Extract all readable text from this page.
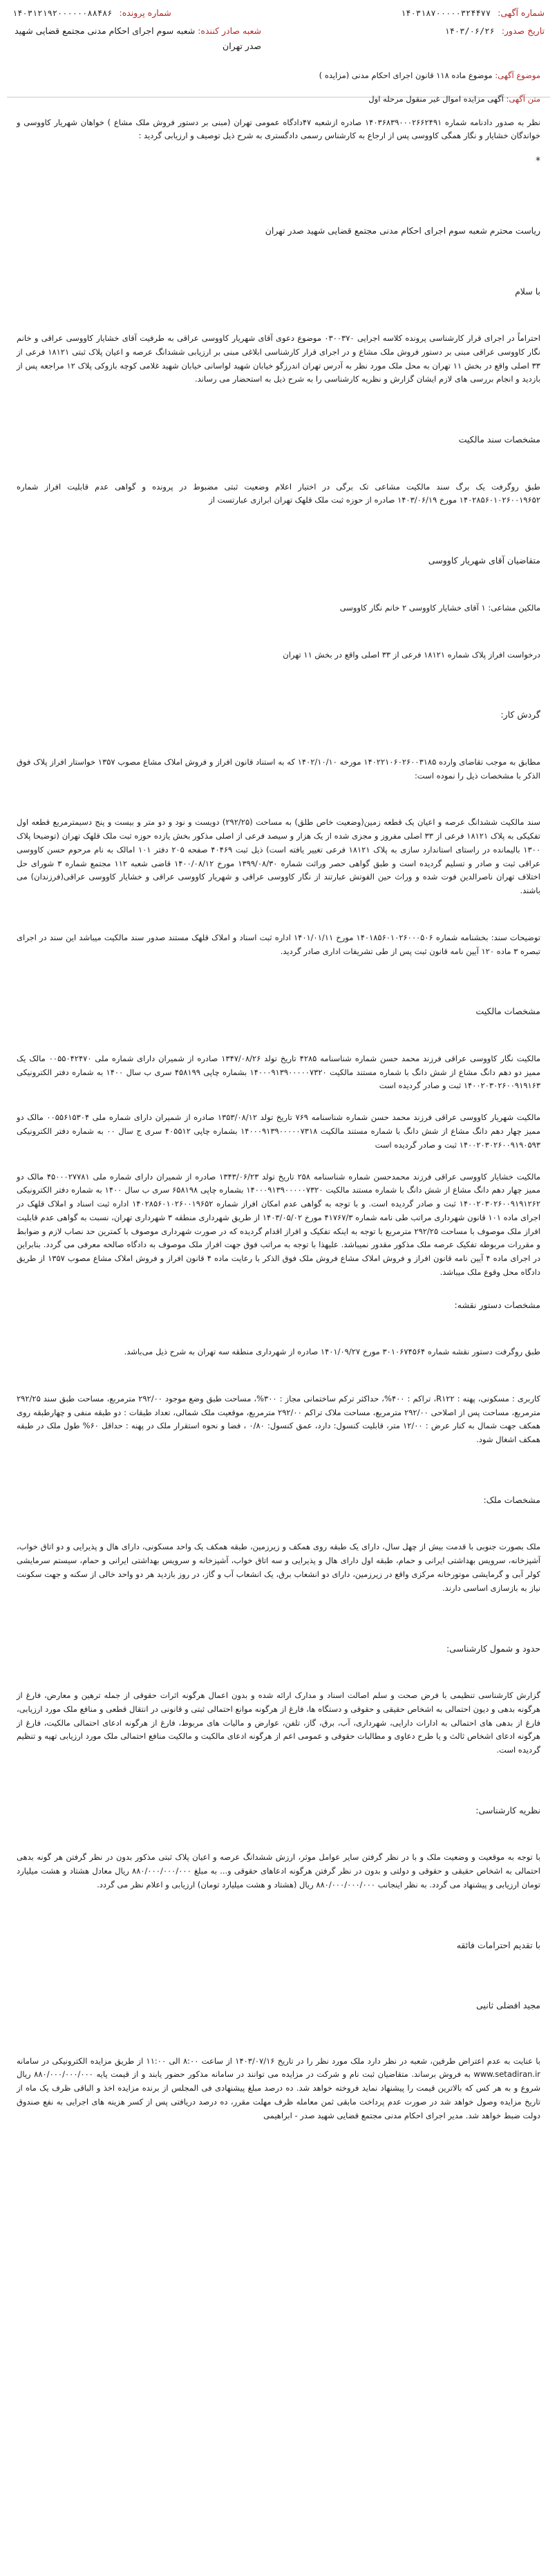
شماره آگهی: ۱۴۰۳۱۸۷۰۰۰۰۰۳۲۴۴۷۷
شماره پرونده: ۱۴۰۳۱۲۱۹۲۰۰۰۰۰۰۸۸۴۸۶
تاریخ صدور: ۱۴۰۳/۰۶/۲۶
شعبه صادر کننده: شعبه سوم اجرای احکام مدنی مجتمع قضایی شهید صدر تهران

موضوع آگهی: موضوع ماده ۱۱۸ قانون اجرای احکام مدنی (مزایده )

متن آگهی: آگهی مزایده اموال غیر منقول مرحله اول

نظر به صدور دادنامه شماره ۱۴۰۳۶۸۳۹۰۰۰۲۶۶۲۴۹۱ صادره ازشعبه ۴۷دادگاه عمومی تهران (مبنی بر دستور فروش ملک مشاع ) خواهان شهریار کاووسی و خواندگان خشایار و نگار همگی کاووسی پس از ارجاع به کارشناس رسمی دادگستری به شرح ذیل توصیف و ارزیابی گردید :

*

ریاست محترم شعبه سوم اجرای احکام مدنی مجتمع قضایی شهید صدر تهران

با سلام

احتراماً در اجرای قرار کارشناسی پرونده کلاسه اجرایی ۰۳۰۰۳۷۰ موضوع دعوی آقای شهریار کاووسی عراقی به طرفیت آقای خشایار کاووسی عراقی و خانم نگار کاووسی عراقی مبنی بر دستور فروش ملک مشاع و در اجرای قرار کارشناسی ابلاغی مبنی بر ارزیابی ششدانگ عرصه و اعیان پلاک ثبتی ۱۸۱۲۱ فرعی از ۳۳ اصلی واقع در بخش ۱۱ تهران به محل ملک مورد نظر به آدرس تهران اندرزگو خیابان شهید لواسانی خیابان شهید غلامی کوچه بازوکی پلاک ۱۲ مراجعه پس از بازدید و انجام بررسی های لازم ایشان گزارش و نظریه کارشناسی را به شرح ذیل به استحضار می رساند.

مشخصات سند مالکیت

طبق روگرفت یک برگ سند مالکیت مشاعی تک برگی در اختیار اعلام وضعیت ثبتی مضبوط در پرونده و گواهی عدم قابلیت افراز شماره ۱۴۰۲۸۵۶۰۱۰۲۶۰۰۱۹۶۵۲ مورخ ۱۴۰۳/۰۶/۱۹ صادره از حوزه ثبت ملک قلهک تهران ابرازی عبارتست از

متقاضیان آقای شهریار کاووسی

مالکین مشاعی: ۱ آقای خشایار کاووسی ۲ خانم نگار کاووسی

درخواست افراز پلاک شماره ۱۸۱۲۱ فرعی از ۳۳ اصلی واقع در بخش ۱۱ تهران

گردش کار:

مطابق به موجب تقاضای وارده ۱۴۰۲۲۱۰۶۰۲۶۰۰۳۱۸۵ مورخه ۱۴۰۲/۱۰/۱۰ که به استناد قانون افراز و فروش املاک مشاع مصوب ۱۳۵۷ خواستار افراز پلاک فوق الذکر با مشخصات ذیل را نموده است:

سند مالکیت ششدانگ عرصه و اعیان یک قطعه زمین(وضعیت خاص طلق) به مساحت (۲۹۲/۲۵) دویست و نود و دو متر و بیست و پنج دسیمترمربع قطعه اول تفکیکی به پلاک ۱۸۱۲۱ فرعی از ۳۳ اصلی مفروز و مجزی شده از یک هزار و سیصد فرعی از اصلی مذکور بخش یازده حوزه ثبت ملک قلهک تهران (توضیحا پلاک ۱۳۰۰ بالیمانده در راستای استاندارد سازی به پلاک ۱۸۱۲۱ فرعی تغییر یافته است) ذیل ثبت ۴۰۴۶۹ صفحه ۲۰۵ دفتر ۱۰۱ امالک به نام مرحوم حسن کاووسی عراقی ثبت و صادر و تسلیم گردیده است و طبق گواهی حصر وراثت شماره ۱۳۹۹/۰۸/۳۰ مورخ ۱۴۰۰/۰۸/۱۲ قاضی شعبه ۱۱۲ مجتمع شماره ۳ شورای حل اختلاف تهران ناصرالدین فوت شده و وراث حین الفوتش عبارتند از نگار کاووسی عراقی و شهریار کاووسی عراقی و خشایار کاووسی عراقی(فرزندان) می باشند.

توضیحات سند: بخشنامه شماره ۱۴۰۱۸۵۶۰۱۰۲۶۰۰۰۵۰۶ مورخ ۱۴۰۱/۰۱/۱۱ اداره ثبت اسناد و املاک قلهک مستند صدور سند مالکیت میباشد این سند در اجرای تبصره ۳ ماده ۱۲۰ آیین نامه قانون ثبت پس از طی تشریفات اداری صادر گردید.

مشخصات مالکیت

مالکیت نگار کاووسی عراقی فرزند محمد حسن شماره شناسنامه ۴۲۸۵ تاریخ تولد ۱۳۴۷/۰۸/۲۶ صادره از شمیران دارای شماره ملی ۰۰۵۵۰۴۲۴۷۰ مالک یک ممیز دو دهم دانگ مشاع از شش دانگ با شماره مستند مالکیت ۱۴۰۰۰۹۱۳۹۰۰۰۰۰۷۳۲۰ بشماره چاپی ۴۵۸۱۹۹ سری ب سال ۱۴۰۰ به شماره دفتر الکترونیکی ۱۴۰۰۲۰۳۰۲۶۰۰۹۱۹۱۶۳ ثبت و صادر گردیده است

مالکیت شهریار کاووسی عراقی فرزند محمد حسن شماره شناسنامه ۷۶۹ تاریخ تولد ۱۳۵۳/۰۸/۱۲ صادره از شمیران دارای شماره ملی ۰۰۵۵۶۱۵۳۰۴ مالک دو ممیز چهار دهم دانگ مشاع از شش دانگ با شماره مستند مالکیت ۱۴۰۰۰۹۱۳۹۰۰۰۰۰۷۳۱۸ بشماره چاپی ۴۰۵۵۱۲ سری ج سال ۰۰ به شماره دفتر الکترونیکی ۱۴۰۰۲۰۳۰۲۶۰۰۹۱۹۰۵۹۳ ثبت و صادر گردیده است

مالکیت خشایار کاووسی عراقی فرزند محمدحسن شماره شناسنامه ۲۵۸ تاریخ تولد ۱۳۴۳/۰۶/۲۳ صادره از شمیران دارای شماره ملی ۴۵۰۰۰۲۷۷۸۱ مالک دو ممیز چهار دهم دانگ مشاع از شش دانگ با شماره مستند مالکیت ۱۴۰۰۰۹۱۳۹۰۰۰۰۰۷۳۲۰ بشماره چاپی ۶۵۸۱۹۸ سری ب سال ۱۴۰۰ به شماره دفتر الکترونیکی ۱۴۰۰۲۰۳۰۲۶۰۰۹۱۹۱۲۶۲ ثبت و صادر گردیده است. و با توجه به گواهی عدم امکان افراز شماره ۱۴۰۲۸۵۶۰۱۰۲۶۰۰۱۹۶۵۲ اداره ثبت اسناد و املاک قلهک در اجرای ماده ۱۰۱ قانون شهرداری مراتب طی نامه شماره ۴۱۷۶۷/۳ مورخ ۱۴۰۳/۰۵/۰۲ از طریق شهرداری منطقه ۳ شهرداری تهران، نسبت به گواهی عدم قابلیت افراز ملک موصوف با مساحت ۲۹۲/۲۵ مترمربع با توجه به اینکه تفکیک و افراز اقدام گردیده که در صورت شهرداری موصوف با کمترین حد نصاب لازم و ضوابط و مقررات مربوطه تفکیک عرصه ملک مذکور مقدور نمیباشد. علیهذا با توجه به مراتب فوق جهت افراز ملک موصوف به دادگاه صالحه معرفی می گردد. بنابراین در اجرای ماده ۴ آیین نامه قانون افراز و فروش املاک مشاع فروش ملک فوق الذکر با رعایت ماده ۴ قانون افراز و فروش املاک مشاع مصوب ۱۳۵۷ از طریق دادگاه محل وقوع ملک میباشد.

مشخصات دستور نقشه:

طبق روگرفت دستور نقشه شماره ۳۰۱۰۶۷۴۵۶۴ مورخ ۱۴۰۱/۰۹/۲۷ صادره از شهرداری منطقه سه تهران به شرح ذیل می‌باشد.

کاربری : مسکونی، پهنه : R۱۲۲، تراکم : ۴۰۰%، حداکثر ترکم ساختمانی مجاز : ۳۰۰%، مساحت طبق وضع موجود ۲۹۲/۰۰ مترمربع، مساحت طبق سند ۲۹۲/۲۵ مترمربع، مساحت پس از اصلاحی ۲۹۲/۰۰ مترمربع، مساحت ملاک تراکم ۲۹۲/۰۰ مترمربع، موقعیت ملک شمالی، تعداد طبقات : دو طبقه منفی و چهارطبقه روی همکف جهت شمال به کنار عرض : ۱۲/۰۰ متر، قابلیت کنسول: دارد، عمق کنسول: ۰/۸۰ ، فضا و نحوه استقرار ملک در پهنه : حداقل ۶۰% طول ملک در طبقه همکف اشغال شود.

مشخصات ملک:

ملک بصورت جنوبی با قدمت بیش از چهل سال، دارای یک طبقه روی همکف و زیرزمین، طبقه همکف یک واحد مسکونی، دارای هال و پذیرایی و دو اتاق خواب، آشپزخانه، سرویس بهداشتی ایرانی و حمام، طبقه اول دارای هال و پذیرایی و سه اتاق خواب، آشپزخانه و سرویس بهداشتی ایرانی و حمام، سیستم سرمایشی کولر آبی و گرمایشی موتورخانه مرکزی واقع در زیرزمین، دارای دو انشعاب برق، یک انشعاب آب و گاز، در روز بازدید هر دو واحد خالی از سکنه و جهت سکونت نیاز به بازسازی اساسی دارند.

حدود و شمول کارشناسی:

گزارش کارشناسی تنظیمی با فرض صحت و سلم اصالت اسناد و مدارک ارائه شده و بدون اعمال هرگونه اثرات حقوقی از جمله ترهین و معارض، فارغ از هرگونه بدهی و دیون احتمالی به اشخاص حقیقی و حقوقی و دستگاه ها، فارغ از هرگونه موانع احتمالی ثبتی و قانونی در انتقال قطعی و منافع ملک مورد ارزیابی، فارغ از بدهی های احتمالی به ادارات دارایی، شهرداری، آب، برق، گاز، تلفن، عوارض و مالیات های مربوط، فارغ از هرگونه ادعای احتمالی مالکیت، فارغ از هرگونه ادعای اشخاص ثالث و یا طرح دعاوی و مطالبات حقوقی و عمومی اعم از هرگونه ادعای مالکیت و مالکیت منافع احتمالی ملک مورد ارزیابی تهیه و تنظیم گردیده است.

نظریه کارشناسی:

با توجه به موقعیت و وضعیت ملک و با در نظر گرفتن سایر عوامل موثر، ارزش ششدانگ عرصه و اعیان پلاک ثبتی مذکور بدون در نظر گرفتن هر گونه بدهی احتمالی به اشخاص حقیقی و حقوقی و دولتی و بدون در نظر گرفتن هرگونه ادعاهای حقوقی و... به مبلغ ۸۸۰/۰۰۰/۰۰۰/۰۰۰ ریال معادل هشتاد و هشت میلیارد تومان ارزیابی و پیشنهاد می گردد. به نظر اینجانب ۸۸۰/۰۰۰/۰۰۰/۰۰۰ ریال (هشتاد و هشت میلیارد تومان) ارزیابی و اعلام نظر می گردد.

با تقدیم احترامات فائقه

مجید افضلی ثانیی

با عنایت به عدم اعتراض طرفین، شعبه در نظر دارد ملک مورد نظر را در تاریخ ۱۴۰۳/۰۷/۱۶ از ساعت ۸:۰۰ الی ۱۱:۰۰ از طریق مزایده الکترونیکی در سامانه www.setadiran.ir به فروش برساند. متقاضیان ثبت نام و شرکت در مزایده می توانند در سامانه مذکور حضور یابند و از قیمت پایه ۸۸۰/۰۰۰/۰۰۰/۰۰۰ ریال شروع و به هر کس که بالاترین قیمت را پیشنهاد نماید فروخته خواهد شد. ده درصد مبلغ پیشنهادی فی المجلس از برنده مزایده اخذ و الباقی ظرف یک ماه از تاریخ مزایده وصول خواهد شد در صورت عدم پرداخت مابقی ثمن معامله ظرف مهلت مقرر، ده درصد دریافتی پس از کسر هزینه های اجرایی به نفع صندوق دولت ضبط خواهد شد. مدیر اجرای احکام مدنی مجتمع قضایی شهید صدر - ابراهیمی
